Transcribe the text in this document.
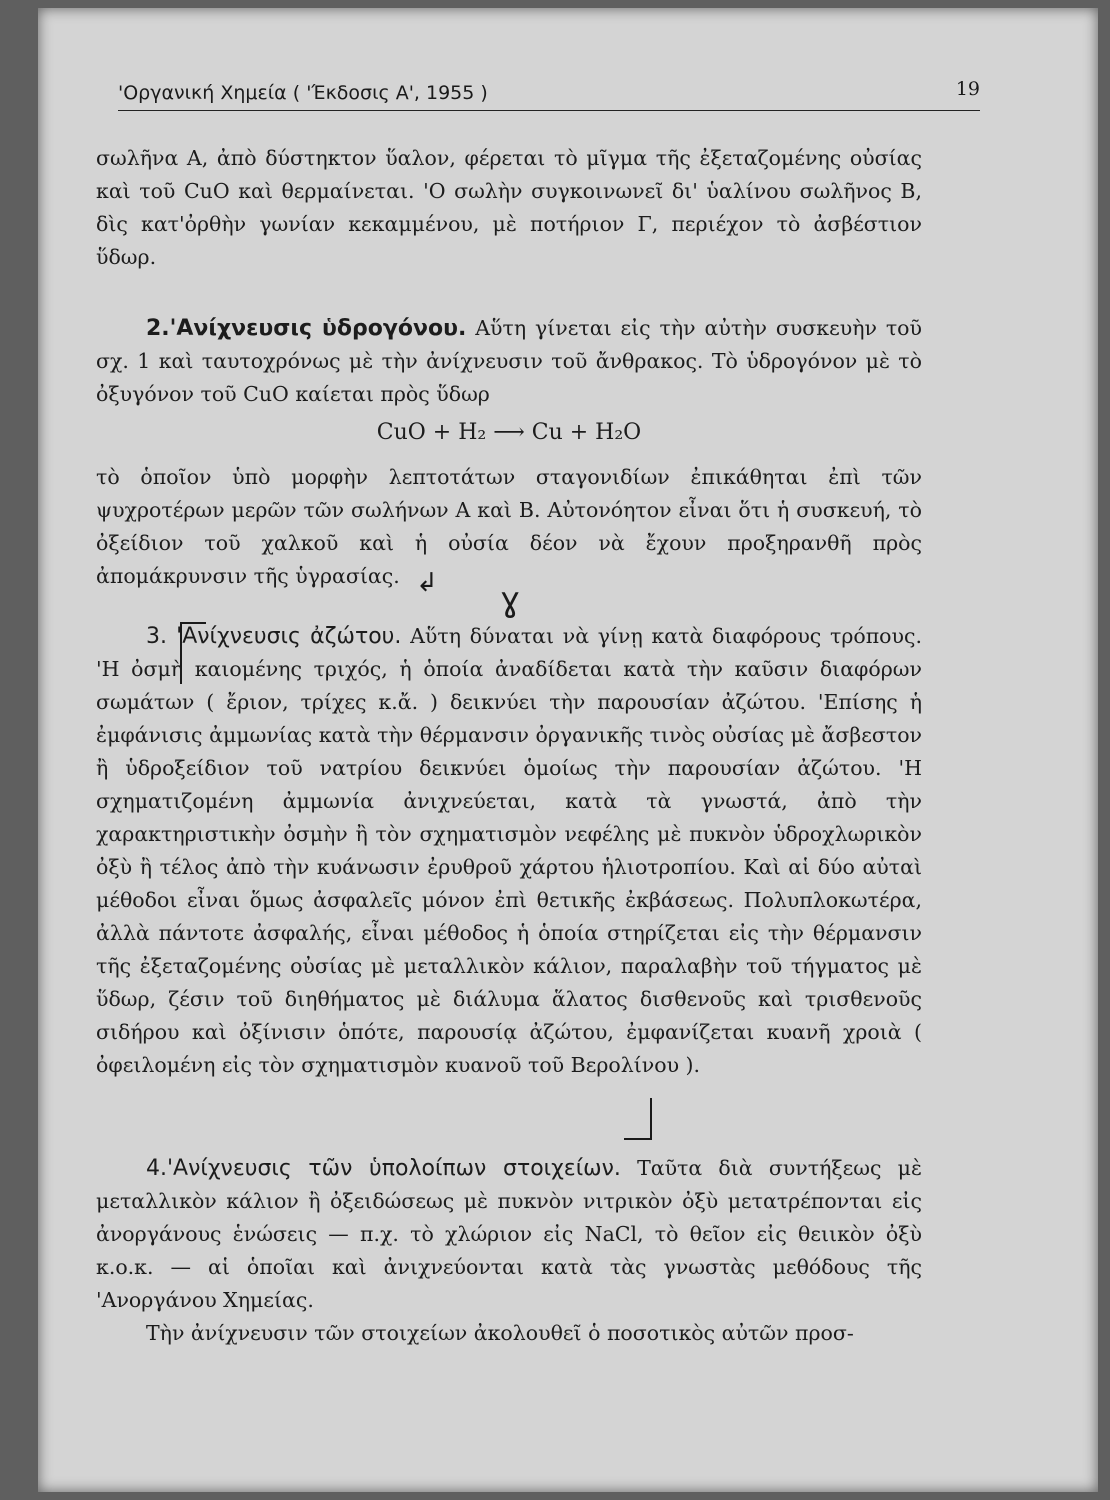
'Οργανική Χημεία ( 'Έκδοσις Α', 1955 )	19
σωλῆνα Α, ἀπὸ δύστηκτον ὕαλον, φέρεται τὸ μῖγμα τῆς ἐξεταζομένης οὐσίας καὶ τοῦ CuO καὶ θερμαίνεται. 'Ο σωλὴν συγκοινωνεῖ δι' ὑαλίνου σωλῆνος Β, δὶς κατ'ὀρθὴν γωνίαν κεκαμμένου, μὲ ποτήριον Γ, περιέχον τὸ ἀσβέστιον ὕδωρ.
2.'Ανίχνευσις ὑδρογόνου. Αὕτη γίνεται εἰς τὴν αὐτὴν συσκευὴν τοῦ σχ. 1 καὶ ταυτοχρόνως μὲ τὴν ἀνίχνευσιν τοῦ ἄνθρακος. Τὸ ὑδρογόνον μὲ τὸ ὀξυγόνον τοῦ CuO καίεται πρὸς ὕδωρ
CuO + H₂ ⟶ Cu + H₂O
τὸ ὁποῖον ὑπὸ μορφὴν λεπτοτάτων σταγονιδίων ἐπικάθηται ἐπὶ τῶν ψυχροτέρων μερῶν τῶν σωλήνων Α καὶ Β. Αὐτονόητον εἶναι ὅτι ἡ συσκευή, τὸ ὀξείδιον τοῦ χαλκοῦ καὶ ἡ οὐσία δέον νὰ ἔχουν προξηρανθῆ πρὸς ἀπομάκρυνσιν τῆς ὑγρασίας. ↲ ɣ
3. 'Ανίχνευσις ἀζώτου. Αὕτη δύναται νὰ γίνῃ κατὰ διαφόρους τρόπους. 'Η ὀσμὴ καιομένης τριχός, ἡ ὁποία ἀναδίδεται κατὰ τὴν καῦσιν διαφόρων σωμάτων ( ἔριον, τρίχες κ.ἄ. ) δεικνύει τὴν παρουσίαν ἀζώτου. 'Επίσης ἡ ἐμφάνισις ἀμμωνίας κατὰ τὴν θέρμανσιν ὀργανικῆς τινὸς οὐσίας μὲ ἄσβεστον ἢ ὑδροξείδιον τοῦ νατρίου δεικνύει ὁμοίως τὴν παρουσίαν ἀζώτου. 'Η σχηματιζομένη ἀμμωνία ἀνιχνεύεται, κατὰ τὰ γνωστά, ἀπὸ τὴν χαρακτηριστικὴν ὀσμὴν ἢ τὸν σχηματισμὸν νεφέλης μὲ πυκνὸν ὑδροχλωρικὸν ὀξὺ ἢ τέλος ἀπὸ τὴν κυάνωσιν ἐρυθροῦ χάρτου ἡλιοτροπίου. Καὶ αἱ δύο αὐταὶ μέθοδοι εἶναι ὅμως ἀσφαλεῖς μόνον ἐπὶ θετικῆς ἐκβάσεως. Πολυπλοκωτέρα, ἀλλὰ πάντοτε ἀσφαλής, εἶναι μέθοδος ἡ ὁποία στηρίζεται εἰς τὴν θέρμανσιν τῆς ἐξεταζομένης οὐσίας μὲ μεταλλικὸν κάλιον, παραλαβὴν τοῦ τήγματος μὲ ὕδωρ, ζέσιν τοῦ διηθήματος μὲ διάλυμα ἅλατος δισθενοῦς καὶ τρισθενοῦς σιδήρου καὶ ὀξίνισιν ὁπότε, παρουσίᾳ ἀζώτου, ἐμφανίζεται κυανῆ χροιὰ ( ὀφειλομένη εἰς τὸν σχηματισμὸν κυανοῦ τοῦ Βερολίνου ).
4.'Ανίχνευσις τῶν ὑπολοίπων στοιχείων. Ταῦτα διὰ συντήξεως μὲ μεταλλικὸν κάλιον ἢ ὀξειδώσεως μὲ πυκνὸν νιτρικὸν ὀξὺ μετατρέπονται εἰς ἀνοργάνους ἑνώσεις — π.χ. τὸ χλώριον εἰς NaCl, τὸ θεῖον εἰς θειικὸν ὀξὺ κ.ο.κ. — αἱ ὁποῖαι καὶ ἀνιχνεύονται κατὰ τὰς γνωστὰς μεθόδους τῆς 'Ανοργάνου Χημείας.
Τὴν ἀνίχνευσιν τῶν στοιχείων ἀκολουθεῖ ὁ ποσοτικὸς αὐτῶν προσ-
